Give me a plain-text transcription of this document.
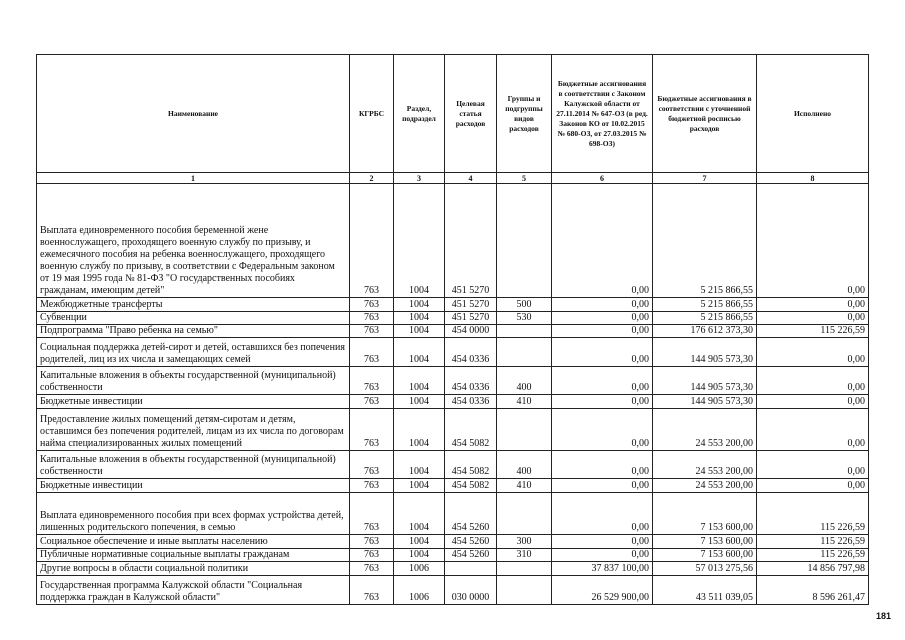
Наименование	КГРБС	Раздел, подраздел	Целевая статья расходов	Группы и подгруппы видов расходов	Бюджетные ассигнования в соответствии с Законом Калужской области от 27.11.2014 № 647-ОЗ (в ред. Законов КО от 10.02.2015 № 680-ОЗ, от 27.03.2015 № 698-ОЗ)	Бюджетные ассигнования в соответствии с уточненной бюджетной росписью расходов	Исполнено
1	2	3	4	5	6	7	8
Выплата единовременного пособия беременной жене военнослужащего, проходящего военную службу по призыву, и ежемесячного пособия на ребенка военнослужащего, проходящего военную службу по призыву, в соответствии с Федеральным законом от 19 мая 1995 года № 81-ФЗ "О государственных пособиях гражданам, имеющим детей"	763	1004	451 5270		0,00	5 215 866,55	0,00
Межбюджетные трансферты	763	1004	451 5270	500	0,00	5 215 866,55	0,00
Субвенции	763	1004	451 5270	530	0,00	5 215 866,55	0,00
Подпрограмма "Право ребенка на семью"	763	1004	454 0000		0,00	176 612 373,30	115 226,59
Социальная поддержка детей-сирот и детей, оставшихся без попечения родителей, лиц из их числа и замещающих семей	763	1004	454 0336		0,00	144 905 573,30	0,00
Капитальные вложения в объекты государственной (муниципальной) собственности	763	1004	454 0336	400	0,00	144 905 573,30	0,00
Бюджетные инвестиции	763	1004	454 0336	410	0,00	144 905 573,30	0,00
Предоставление жилых помещений детям-сиротам и детям, оставшимся без попечения родителей, лицам из их числа по договорам найма специализированных жилых помещений	763	1004	454 5082		0,00	24 553 200,00	0,00
Капитальные вложения в объекты государственной (муниципальной) собственности	763	1004	454 5082	400	0,00	24 553 200,00	0,00
Бюджетные инвестиции	763	1004	454 5082	410	0,00	24 553 200,00	0,00
Выплата единовременного пособия при всех формах устройства детей, лишенных родительского попечения, в семью	763	1004	454 5260		0,00	7 153 600,00	115 226,59
Социальное обеспечение и иные выплаты населению	763	1004	454 5260	300	0,00	7 153 600,00	115 226,59
Публичные нормативные социальные выплаты гражданам	763	1004	454 5260	310	0,00	7 153 600,00	115 226,59
Другие вопросы в области социальной политики	763	1006			37 837 100,00	57 013 275,56	14 856 797,98
Государственная программа Калужской области "Социальная поддержка граждан в Калужской области"	763	1006	030 0000		26 529 900,00	43 511 039,05	8 596 261,47
181
